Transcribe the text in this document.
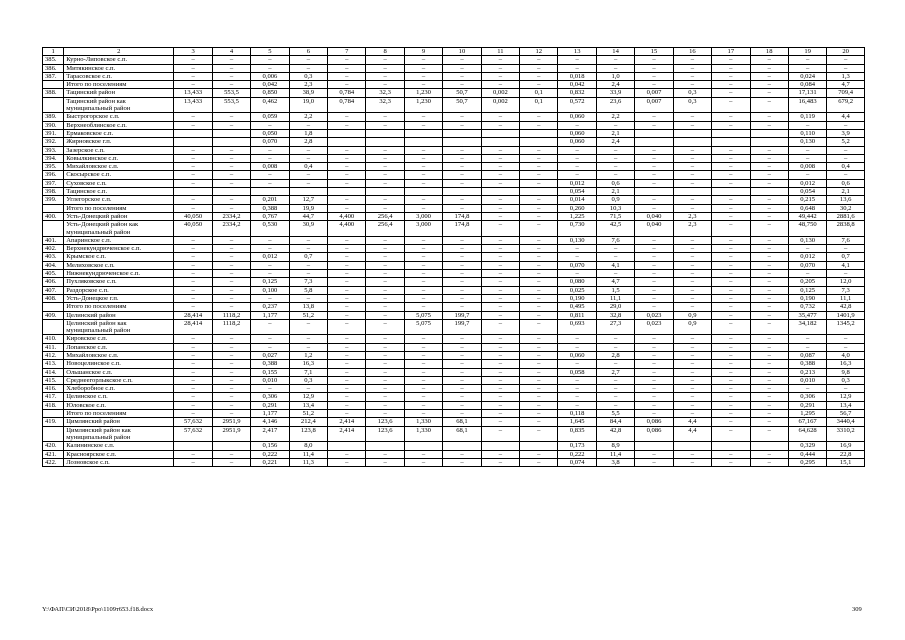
1	2	3	4	5	6	7	8	9	10	11	12	13	14	15	16	17	18	19	20
385.	Курно-Липовское с.п.	–	–	–	–	–	–	–	–	–	–	–	–	–	–	–	–	–	–
386.	Митякинское с.п.	–	–	–	–	–	–	–	–	–	–	–	–	–	–	–	–	–	–
387.	Тарасовское с.п.	–	–	0,006	0,3	–	–	–	–	–	–	0,018	1,0	–	–	–	–	0,024	1,3
	Итого по поселениям	–	–	0,042	2,3	–	–	–	–	–	–	0,042	2,4	–	–	–	–	0,084	4,7
388.	Тацинский район	13,433	553,5	0,850	38,9	0,784	32,3	1,230	50,7	0,002	0,1	0,832	33,9	0,007	0,3	–	–	17,131	709,4
	Тацинский район как муниципальный район	13,433	553,5	0,462	19,0	0,784	32,3	1,230	50,7	0,002	0,1	0,572	23,6	0,007	0,3	–	–	16,483	679,2
389.	Быстрогорское с.п.	–	–	0,059	2,2	–	–	–	–	–	–	0,060	2,2	–	–	–	–	0,119	4,4
390.	Верхнеоблинское с.п.	–	–	–	–	–	–	–	–	–	–	–	–	–	–	–	–	–	–
391.	Ермаковское с.п.			0,050	1,8							0,060	2,1					0,110	3,9
392.	Жирновское г.п.			0,070	2,8							0,060	2,4					0,130	5,2
393.	Зазерское с.п.	–	–	–	–	–	–	–	–	–	–	–	–	–	–	–	–	–	–
394.	Ковылкинское с.п.	–	–	–	–	–	–	–	–	–	–	–	–	–	–	–	–	–	–
395.	Михайловское с.п.	–	–	0,008	0,4	–	–	–	–	–	–	–	–	–	–	–	–	0,008	0,4
396.	Скосырское с.п.	–	–	–	–	–	–	–	–	–	–	–	–	–	–	–	–	–	–
397.	Суховское с.п.	–	–	–	–	–	–	–	–	–	–	0,012	0,6	–	–	–	–	0,012	0,6
398.	Тацинское с.п.											0,054	2,1					0,054	2,1
399.	Углегорское с.п.	–	–	0,201	12,7	–	–	–	–	–	–	0,014	0,9	–	–	–	–	0,215	13,6
	Итого по поселениям	–	–	0,388	19,9	–	–	–	–	–	–	0,260	10,3	–	–	–	–	0,648	30,2
400.	Усть-Донецкий район	40,050	2334,2	0,767	44,7	4,400	256,4	3,000	174,8	–	–	1,225	71,5	0,040	2,3	–	–	49,442	2881,6
	Усть-Донецкий район как муниципальный район	40,050	2334,2	0,530	30,9	4,400	256,4	3,000	174,8	–	–	0,730	42,5	0,040	2,3	–	–	48,750	2838,8
401.	Апаринское с.п.	–	–	–	–	–	–	–	–	–	–	0,130	7,6	–	–	–	–	0,130	7,6
402.	Верхнекундрюченское с.п.	–	–	–	–	–	–	–	–	–	–	–	–	–	–	–	–	–	–
403.	Крымское с.п.	–	–	0,012	0,7	–	–	–	–	–	–	–	–	–	–	–	–	0,012	0,7
404.	Мелиховское с.п.	–	–	–	–	–	–	–	–	–	–	0,070	4,1	–	–	–	–	0,070	4,1
405.	Нижнекундрюченское с.п.	–	–	–	–	–	–	–	–	–	–	–	–	–	–	–	–	–	–
406.	Пухляковское с.п.	–	–	0,125	7,3	–	–	–	–	–	–	0,080	4,7	–	–	–	–	0,205	12,0
407.	Раздорское с.п.	–	–	0,100	5,8	–	–	–	–	–	–	0,025	1,5	–	–	–	–	0,125	7,3
408.	Усть-Донецкое г.п.	–	–	–	–	–	–	–	–	–	–	0,190	11,1	–	–	–	–	0,190	11,1
	Итого по поселениям	–	–	0,237	13,8	–	–	–	–	–	–	0,495	29,0	–	–	–	–	0,732	42,8
409.	Целинский район	28,414	1118,2	1,177	51,2	–	–	5,075	199,7	–	–	0,811	32,8	0,023	0,9	–	–	35,477	1401,9
	Целинский район как муниципальный район	28,414	1118,2	–	–	–	–	5,075	199,7	–	–	0,693	27,3	0,023	0,9	–	–	34,182	1345,2
410.	Кировское с.п.	–	–	–	–	–	–	–	–	–	–	–	–	–	–	–	–	–	–
411.	Лопанское с.п.	–	–	–	–	–	–	–	–	–	–	–	–	–	–	–	–	–	–
412.	Михайловское с.п.	–	–	0,027	1,2	–	–	–	–	–	–	0,060	2,8	–	–	–	–	0,087	4,0
413.	Новоцелинское с.п.	–	–	0,388	16,3	–	–	–	–	–	–	–	–	–	–	–	–	0,388	16,3
414.	Ольшанское с.п.	–	–	0,155	7,1	–	–	–	–	–	–	0,058	2,7	–	–	–	–	0,213	9,8
415.	Среднеегорлыкское с.п.	–	–	0,010	0,3	–	–	–	–	–	–	–	–	–	–	–	–	0,010	0,3
416.	Хлеборобное с.п.	–	–	–	–	–	–	–	–	–	–	–	–	–	–	–	–	–	–
417.	Целинское с.п.	–	–	0,306	12,9	–	–	–	–	–	–	–	–	–	–	–	–	0,306	12,9
418.	Юловское с.п.	–	–	0,291	13,4	–	–	–	–	–	–	–	–	–	–	–	–	0,291	13,4
	Итого по поселениям	–	–	1,177	51,2	–	–	–	–	–	–	0,118	5,5	–	–	–	–	1,295	56,7
419.	Цимлянский район	57,632	2951,9	4,146	212,4	2,414	123,6	1,330	68,1	–	–	1,645	84,4	0,086	4,4	–	–	67,167	3440,4
	Цимлянский район как муниципальный район	57,632	2951,9	2,417	123,8	2,414	123,6	1,330	68,1	–	–	0,835	42,8	0,086	4,4	–	–	64,628	3310,2
420.	Калининское с.п.			0,156	8,0							0,173	8,9					0,329	16,9
421.	Красноярское с.п.	–	–	0,222	11,4	–	–	–	–	–	–	0,222	11,4	–	–	–	–	0,444	22,8
422.	Лозновское с.п.	–	–	0,221	11,3	–	–	–	–	–	–	0,074	3,8	–	–	–	–	0,295	15,1
Y:\ФАП\СИ\2018\Рро\1109т653.f18.docx	309
